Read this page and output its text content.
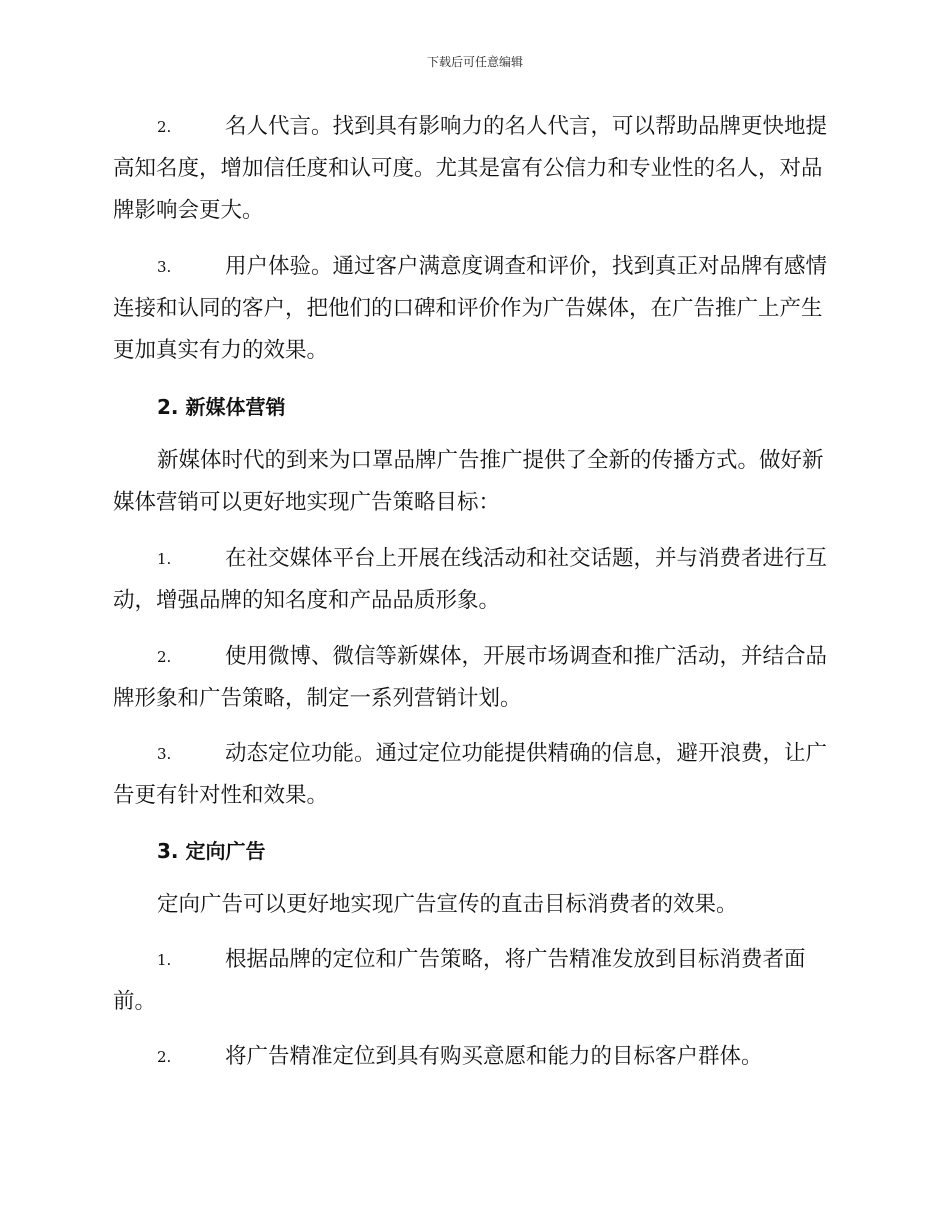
下载后可任意编辑
2. 名人代言。找到具有影响力的名人代言，可以帮助品牌更快地提
高知名度，增加信任度和认可度。尤其是富有公信力和专业性的名人，对品
牌影响会更大。
3. 用户体验。通过客户满意度调查和评价，找到真正对品牌有感情
连接和认同的客户，把他们的口碑和评价作为广告媒体，在广告推广上产生
更加真实有力的效果。
2. 新媒体营销
新媒体时代的到来为口罩品牌广告推广提供了全新的传播方式。做好新
媒体营销可以更好地实现广告策略目标：
1. 在社交媒体平台上开展在线活动和社交话题，并与消费者进行互
动，增强品牌的知名度和产品品质形象。
2. 使用微博、微信等新媒体，开展市场调查和推广活动，并结合品
牌形象和广告策略，制定一系列营销计划。
3. 动态定位功能。通过定位功能提供精确的信息，避开浪费，让广
告更有针对性和效果。
3. 定向广告
定向广告可以更好地实现广告宣传的直击目标消费者的效果。
1. 根据品牌的定位和广告策略，将广告精准发放到目标消费者面
前。
2. 将广告精准定位到具有购买意愿和能力的目标客户群体。
